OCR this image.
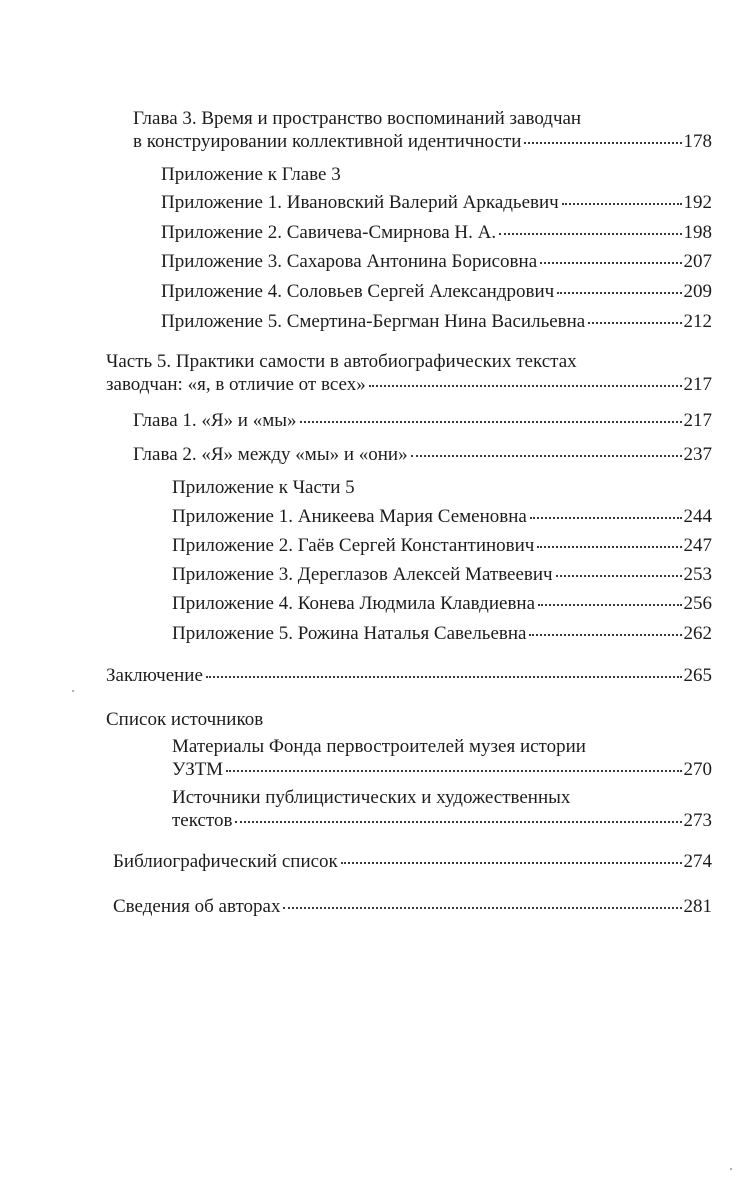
Глава 3. Время и пространство воспоминаний заводчан
в конструировании коллективной идентичности	178
Приложение к Главе 3
Приложение 1. Ивановский Валерий Аркадьевич	192
Приложение 2. Савичева-Смирнова Н. А.	198
Приложение 3. Сахарова Антонина Борисовна	207
Приложение 4. Соловьев Сергей Александрович	209
Приложение 5. Смертина-Бергман Нина Васильевна	212
Часть 5. Практики самости в автобиографических текстах
заводчан: «я, в отличие от всех»	217
Глава 1. «Я» и «мы»	217
Глава 2. «Я» между «мы» и «они»	237
Приложение к Части 5
Приложение 1. Аникеева Мария Семеновна	244
Приложение 2. Гаёв Сергей Константинович	247
Приложение 3. Дереглазов Алексей Матвеевич	253
Приложение 4. Конева Людмила Клавдиевна	256
Приложение 5. Рожина Наталья Савельевна	262
Заключение	265
Список источников
Материалы Фонда первостроителей музея истории
УЗТМ	270
Источники публицистических и художественных
текстов	273
Библиографический список	274
Сведения об авторах	281
